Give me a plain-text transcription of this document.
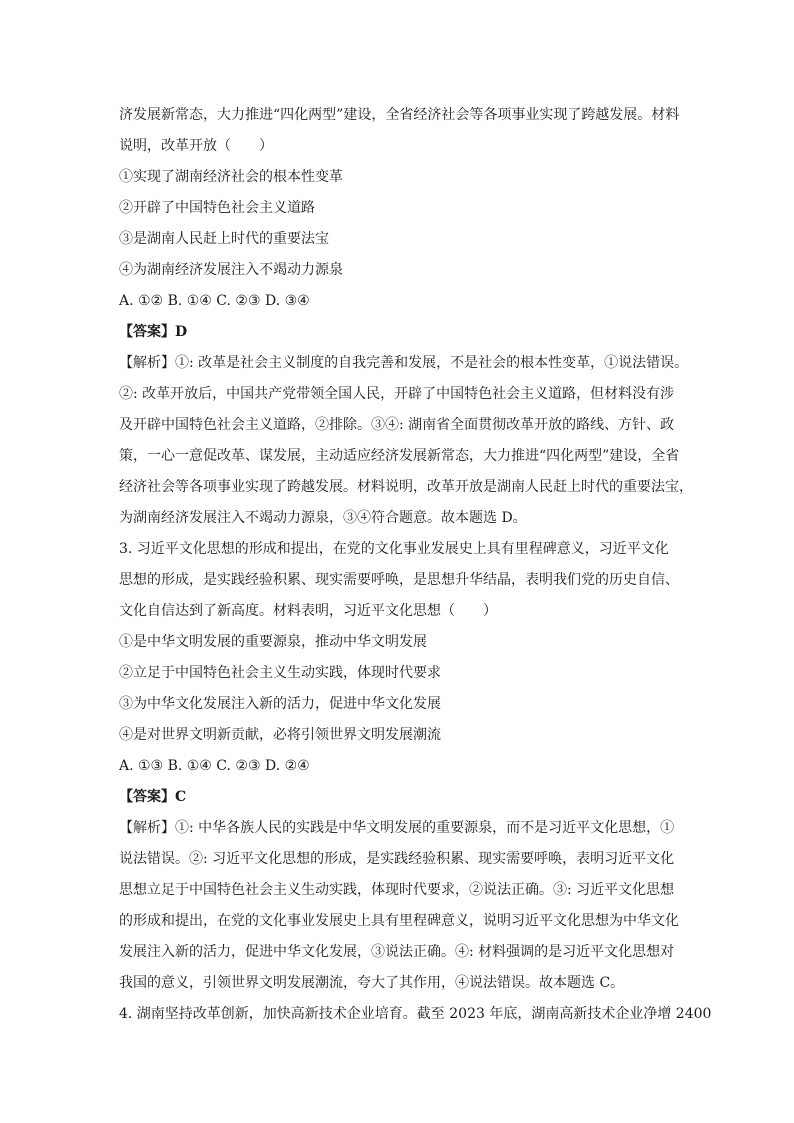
济发展新常态，大力推进“四化两型”建设，全省经济社会等各项事业实现了跨越发展。材料
说明，改革开放（　　）
①实现了湖南经济社会的根本性变革
②开辟了中国特色社会主义道路
③是湖南人民赶上时代的重要法宝
④为湖南经济发展注入不竭动力源泉
A. ①② B. ①④ C. ②③ D. ③④
【答案】D
【解析】①: 改革是社会主义制度的自我完善和发展，不是社会的根本性变革，①说法错误。
②: 改革开放后，中国共产党带领全国人民，开辟了中国特色社会主义道路，但材料没有涉
及开辟中国特色社会主义道路，②排除。③④: 湖南省全面贯彻改革开放的路线、方针、政
策，一心一意促改革、谋发展，主动适应经济发展新常态，大力推进“四化两型”建设，全省
经济社会等各项事业实现了跨越发展。材料说明，改革开放是湖南人民赶上时代的重要法宝，
为湖南经济发展注入不竭动力源泉，③④符合题意。故本题选 D。
3. 习近平文化思想的形成和提出，在党的文化事业发展史上具有里程碑意义，习近平文化
思想的形成，是实践经验积累、现实需要呼唤，是思想升华结晶，表明我们党的历史自信、
文化自信达到了新高度。材料表明，习近平文化思想（　　）
①是中华文明发展的重要源泉，推动中华文明发展
②立足于中国特色社会主义生动实践，体现时代要求
③为中华文化发展注入新的活力，促进中华文化发展
④是对世界文明新贡献，必将引领世界文明发展潮流
A. ①③ B. ①④ C. ②③ D. ②④
【答案】C
【解析】①: 中华各族人民的实践是中华文明发展的重要源泉，而不是习近平文化思想，①
说法错误。②: 习近平文化思想的形成，是实践经验积累、现实需要呼唤，表明习近平文化
思想立足于中国特色社会主义生动实践，体现时代要求，②说法正确。③: 习近平文化思想
的形成和提出，在党的文化事业发展史上具有里程碑意义，说明习近平文化思想为中华文化
发展注入新的活力，促进中华文化发展，③说法正确。④: 材料强调的是习近平文化思想对
我国的意义，引领世界文明发展潮流，夸大了其作用，④说法错误。故本题选 C。
4. 湖南坚持改革创新，加快高新技术企业培育。截至 2023 年底，湖南高新技术企业净增 2400
